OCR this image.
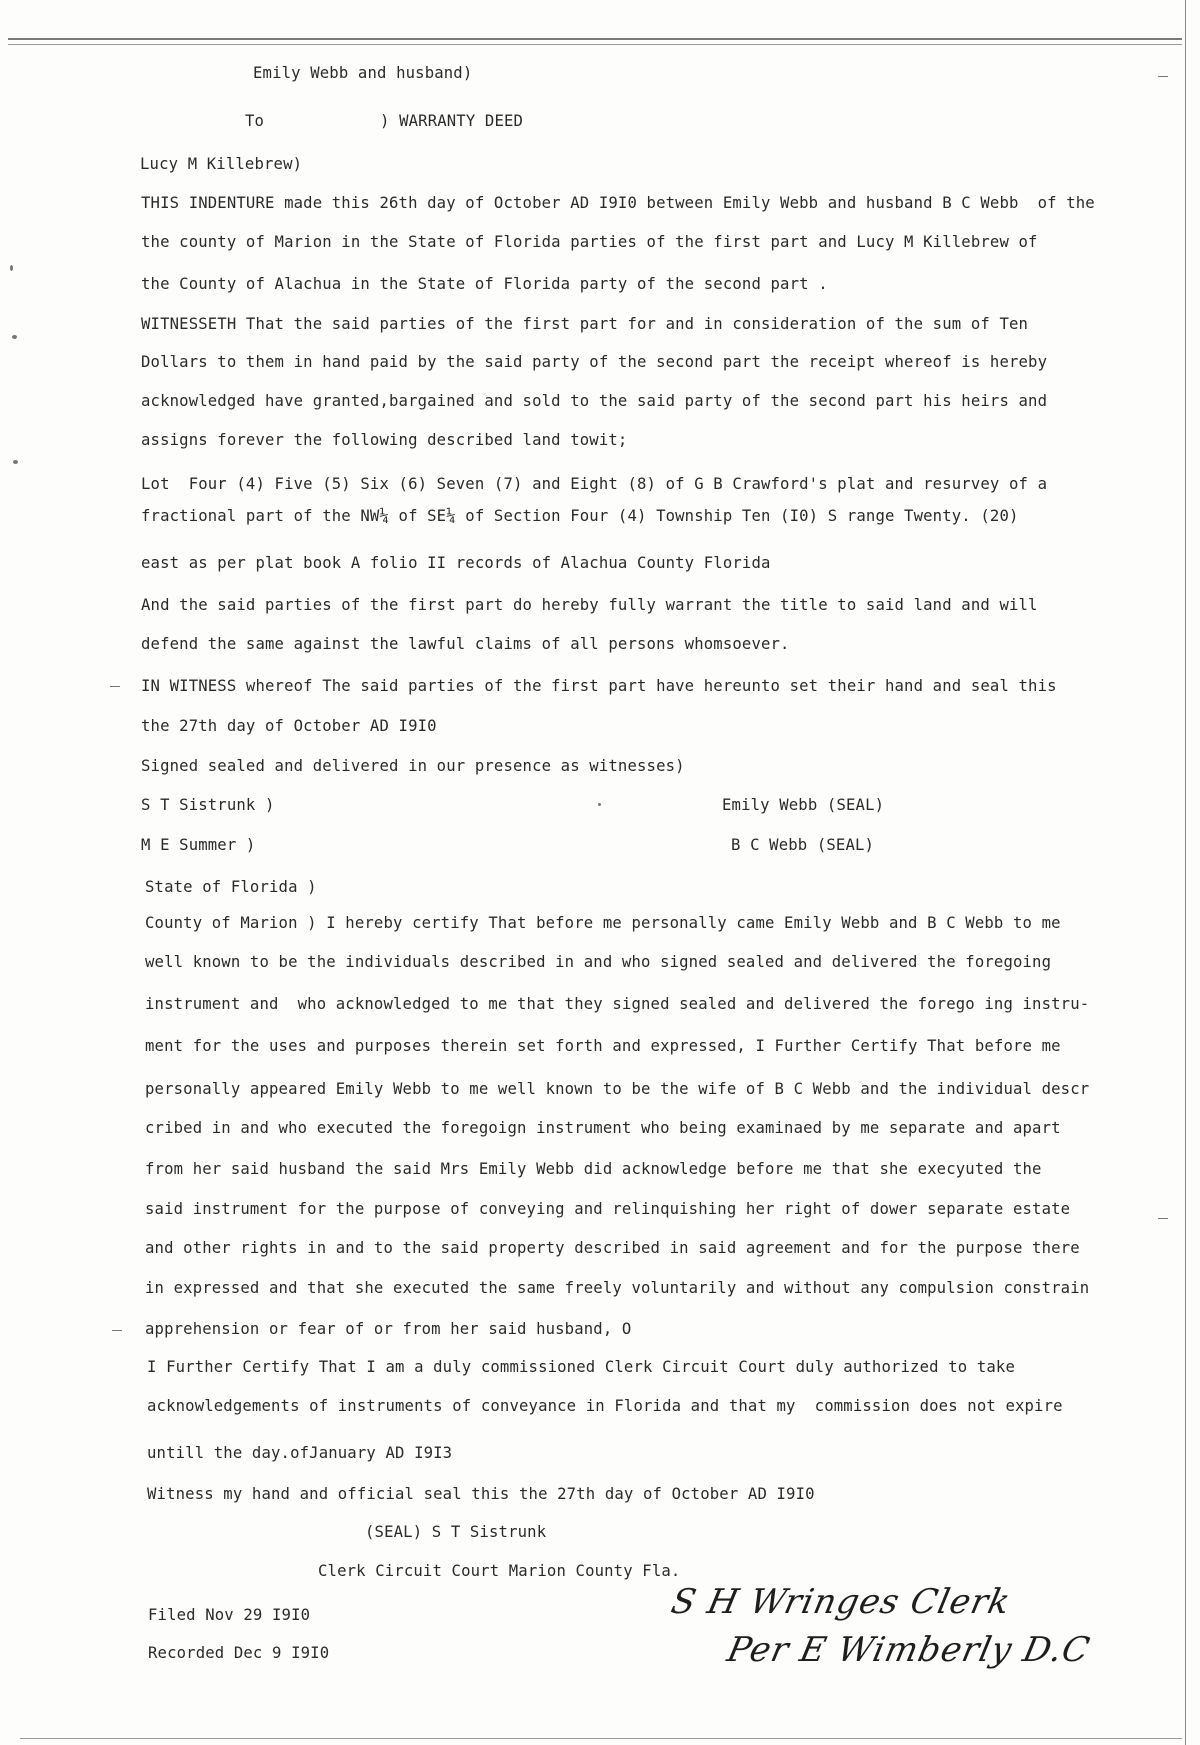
Emily Webb and husband)
To	) WARRANTY DEED
Lucy M Killebrew)
THIS INDENTURE made this 26th day of October AD I9I0 between Emily Webb and husband B C Webb  of the
the county of Marion in the State of Florida parties of the first part and Lucy M Killebrew of
the County of Alachua in the State of Florida party of the second part .
WITNESSETH That the said parties of the first part for and in consideration of the sum of Ten
Dollars to them in hand paid by the said party of the second part the receipt whereof is hereby
acknowledged have granted,bargained and sold to the said party of the second part his heirs and
assigns forever the following described land towit;
Lot  Four (4) Five (5) Six (6) Seven (7) and Eight (8) of G B Crawford's plat and resurvey of a
fractional part of the NW¼ of SE¼ of Section Four (4) Township Ten (I0) S range Twenty. (20)
east as per plat book A folio II records of Alachua County Florida
And the said parties of the first part do hereby fully warrant the title to said land and will
defend the same against the lawful claims of all persons whomsoever.
IN WITNESS whereof The said parties of the first part have hereunto set their hand and seal this
the 27th day of October AD I9I0
Signed sealed and delivered in our presence as witnesses)
S T Sistrunk )
M E Summer )
Emily Webb (SEAL)
B C Webb (SEAL)
State of Florida )
County of Marion ) I hereby certify That before me personally came Emily Webb and B C Webb to me
well known to be the individuals described in and who signed sealed and delivered the foregoing
instrument and  who acknowledged to me that they signed sealed and delivered the forego ing instru-
ment for the uses and purposes therein set forth and expressed, I Further Certify That before me
personally appeared Emily Webb to me well known to be the wife of B C Webb and the individual descr
cribed in and who executed the foregoign instrument who being examinaed by me separate and apart
from her said husband the said Mrs Emily Webb did acknowledge before me that she execyuted the
said instrument for the purpose of conveying and relinquishing her right of dower separate estate
and other rights in and to the said property described in said agreement and for the purpose there
in expressed and that she executed the same freely voluntarily and without any compulsion constrain
apprehension or fear of or from her said husband, O
I Further Certify That I am a duly commissioned Clerk Circuit Court duly authorized to take
acknowledgements of instruments of conveyance in Florida and that my  commission does not expire
untill the day.ofJanuary AD I9I3
Witness my hand and official seal this the 27th day of October AD I9I0
(SEAL) S T Sistrunk
Clerk Circuit Court Marion County Fla.
Filed Nov 29 I9I0
Recorded Dec 9 I9I0
S H Wringes Clerk
Per E Wimberly D.C
